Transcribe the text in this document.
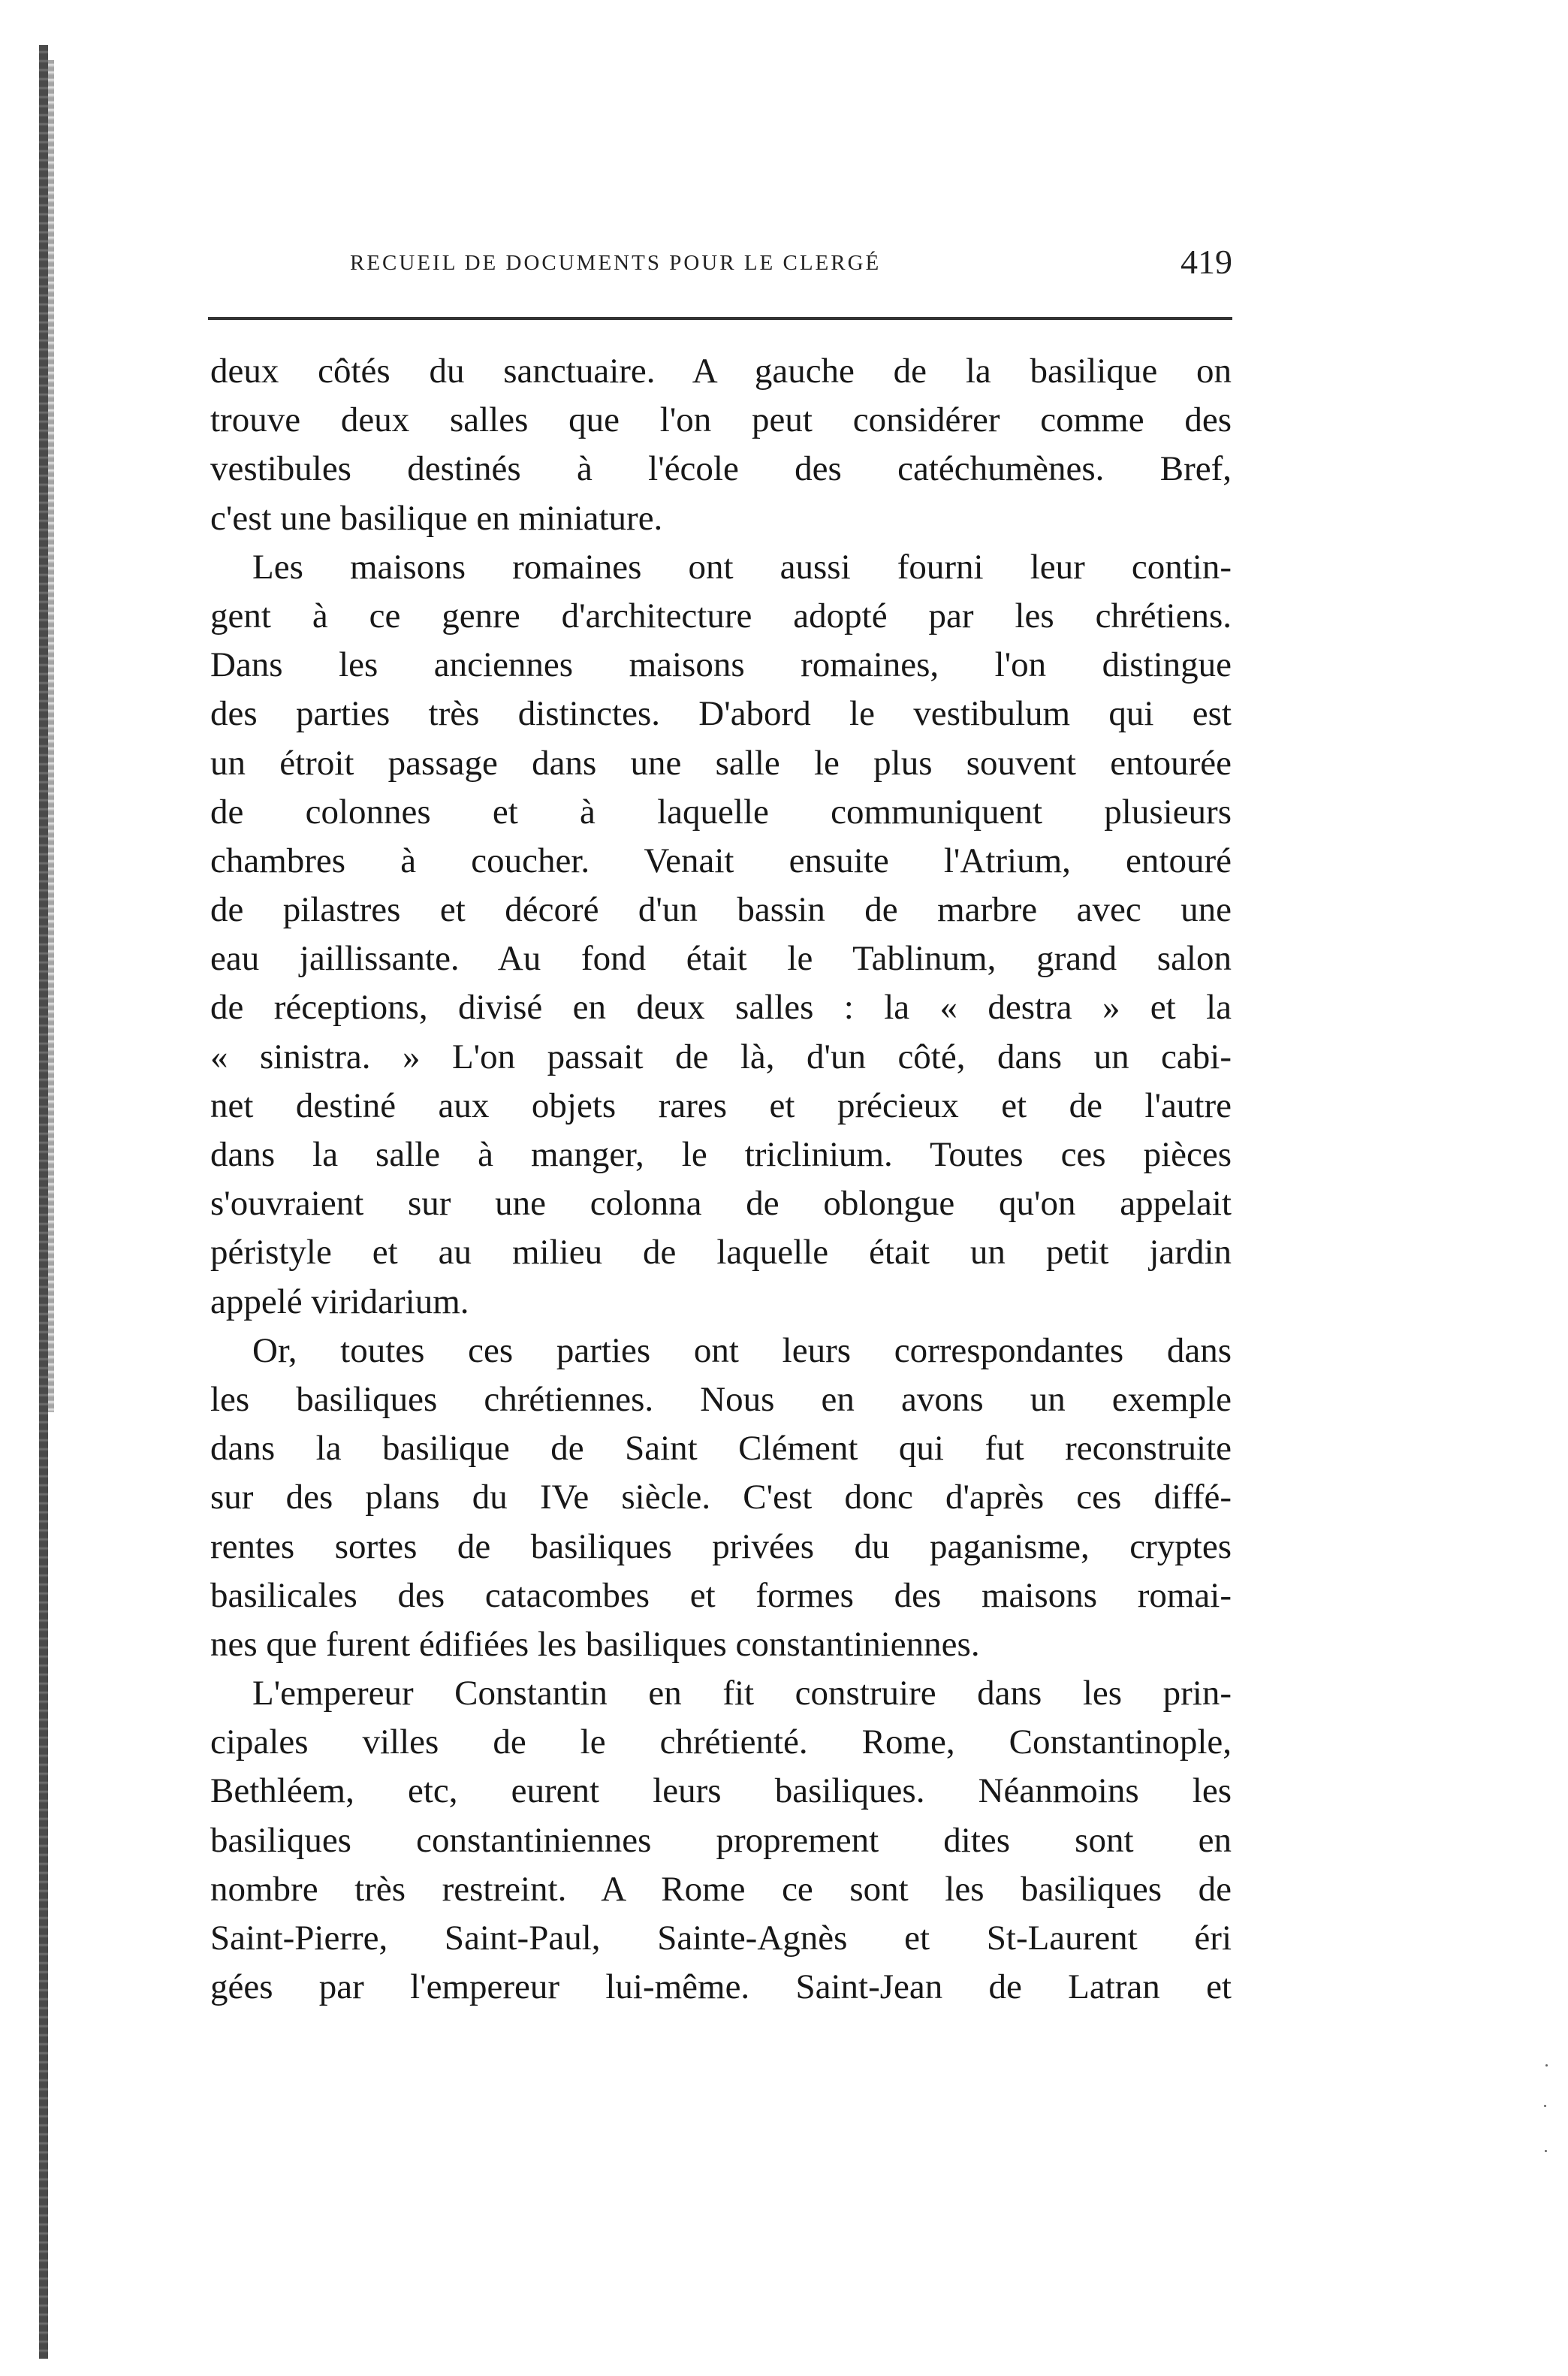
RECUEIL DE DOCUMENTS POUR LE CLERGÉ	419
deux côtés du sanctuaire. A gauche de la basilique on
trouve deux salles que l'on peut considérer comme des
vestibules destinés à l'école des catéchumènes. Bref,
c'est une basilique en miniature.
Les maisons romaines ont aussi fourni leur contin-
gent à ce genre d'architecture adopté par les chrétiens.
Dans les anciennes maisons romaines, l'on distingue
des parties très distinctes. D'abord le vestibulum qui est
un étroit passage dans une salle le plus souvent entourée
de colonnes et à laquelle communiquent plusieurs
chambres à coucher. Venait ensuite l'Atrium, entouré
de pilastres et décoré d'un bassin de marbre avec une
eau jaillissante. Au fond était le Tablinum, grand salon
de réceptions, divisé en deux salles : la « destra » et la
« sinistra. » L'on passait de là, d'un côté, dans un cabi-
net destiné aux objets rares et précieux et de l'autre
dans la salle à manger, le triclinium. Toutes ces pièces
s'ouvraient sur une colonna de oblongue qu'on appelait
péristyle et au milieu de laquelle était un petit jardin
appelé viridarium.
Or, toutes ces parties ont leurs correspondantes dans
les basiliques chrétiennes. Nous en avons un exemple
dans la basilique de Saint Clément qui fut reconstruite
sur des plans du IVe siècle. C'est donc d'après ces diffé-
rentes sortes de basiliques privées du paganisme, cryptes
basilicales des catacombes et formes des maisons romai-
nes que furent édifiées les basiliques constantiniennes.
L'empereur Constantin en fit construire dans les prin-
cipales villes de le chrétienté. Rome, Constantinople,
Bethléem, etc, eurent leurs basiliques. Néanmoins les
basiliques constantiniennes proprement dites sont en
nombre très restreint. A Rome ce sont les basiliques de
Saint-Pierre, Saint-Paul, Sainte-Agnès et St-Laurent éri
gées par l'empereur lui-même. Saint-Jean de Latran et
